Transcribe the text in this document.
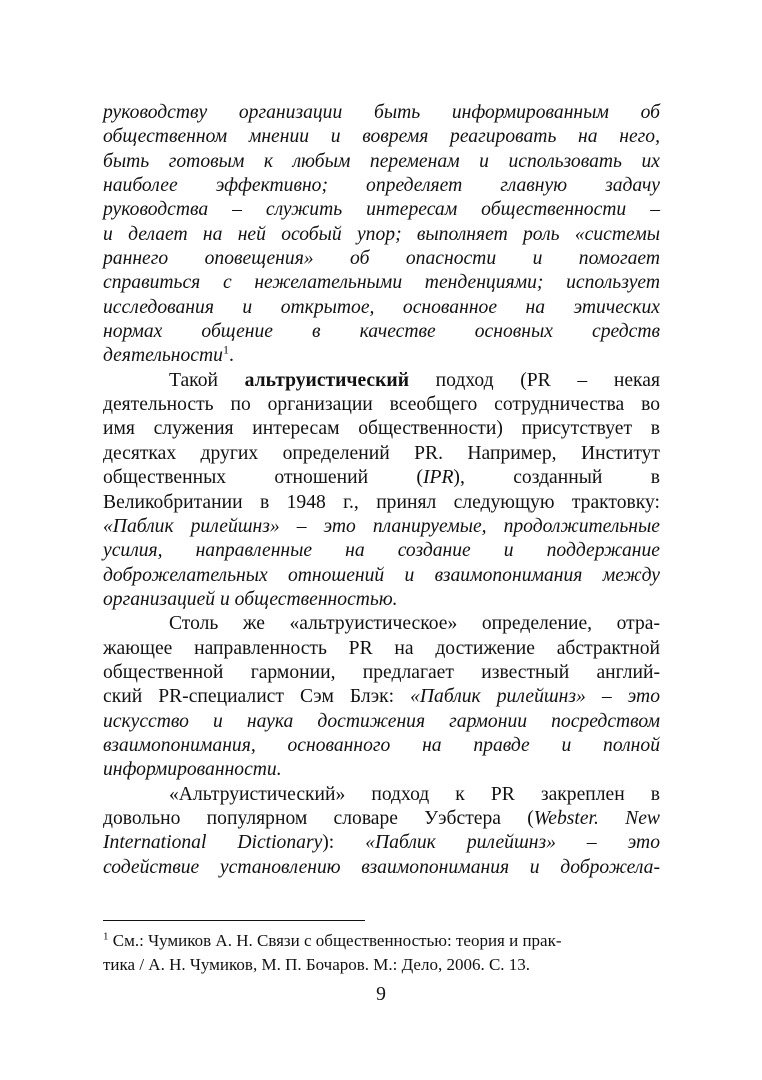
руководству организации быть информированным об

общественном мнении и вовремя реагировать на него,

быть готовым к любым переменам и использовать их

наиболее эффективно; определяет главную задачу

руководства – служить интересам общественности –

и делает на ней особый упор; выполняет роль «системы

раннего оповещения» об опасности и помогает

справиться с нежелательными тенденциями; использует

исследования и открытое, основанное на этических

нормах общение в качестве основных средств

деятельности$^1$.

Такой альтруистический подход (PR – некая

деятельность по организации всеобщего сотрудничества во

имя служения интересам общественности) присутствует в

десятках других определений PR. Например, Институт

общественных отношений (IPR), созданный в

Великобритании в 1948 г., принял следующую трактовку:

«Паблик рилейшнз» – это планируемые, продолжительные

усилия, направленные на создание и поддержание

доброжелательных отношений и взаимопонимания между

организацией и общественностью.

Столь же «альтруистическое» определение, отра-

жающее направленность PR на достижение абстрактной

общественной гармонии, предлагает известный англий-

ский PR-специалист Сэм Блэк: «Паблик рилейшнз» – это

искусство и наука достижения гармонии посредством

взаимопонимания, основанного на правде и полной

информированности.

«Альтруистический» подход к PR закреплен в

довольно популярном словаре Уэбстера (Webster. New

International Dictionary): «Паблик рилейшнз» – это

содействие установлению взаимопонимания и доброжела-

$^1$ См.: Чумиков А. Н. Связи с общественностью: теория и прак-
тика / А. Н. Чумиков, М. П. Бочаров. М.: Дело, 2006. С. 13.
9
